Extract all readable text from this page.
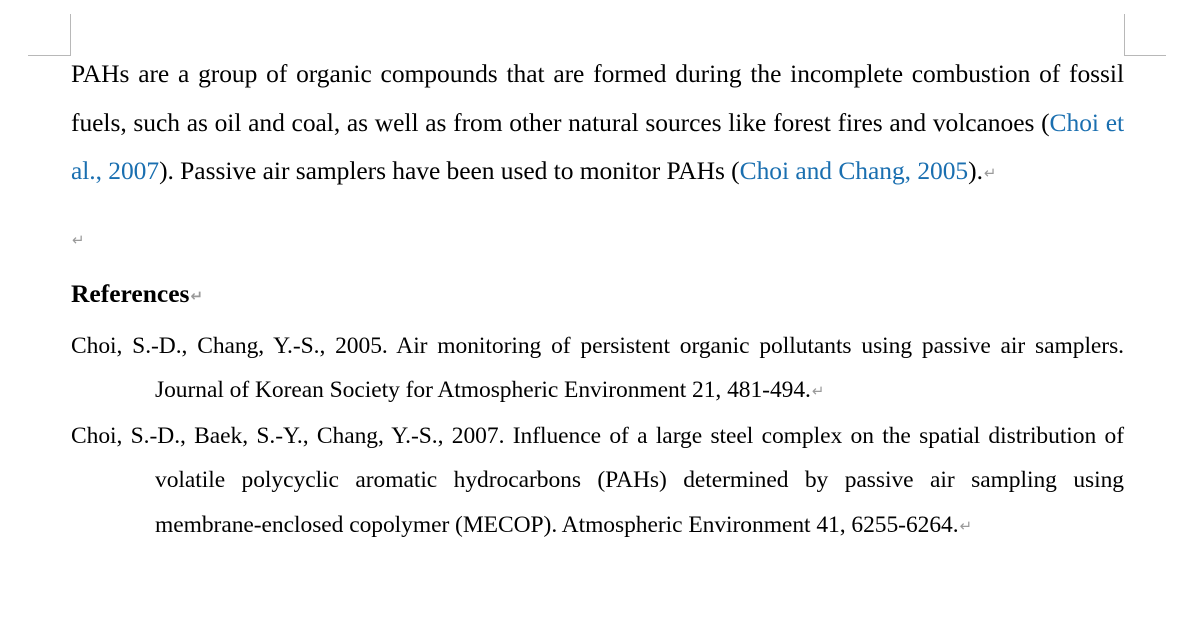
PAHs are a group of organic compounds that are formed during the incomplete combustion of fossil fuels, such as oil and coal, as well as from other natural sources like forest fires and volcanoes (Choi et al., 2007). Passive air samplers have been used to monitor PAHs (Choi and Chang, 2005).↵

↵

References↵

Choi, S.-D., Chang, Y.-S., 2005. Air monitoring of persistent organic pollutants using passive air samplers. Journal of Korean Society for Atmospheric Environment 21, 481-494.↵

Choi, S.-D., Baek, S.-Y., Chang, Y.-S., 2007. Influence of a large steel complex on the spatial distribution of volatile polycyclic aromatic hydrocarbons (PAHs) determined by passive air sampling using membrane-enclosed copolymer (MECOP). Atmospheric Environment 41, 6255-6264.↵
